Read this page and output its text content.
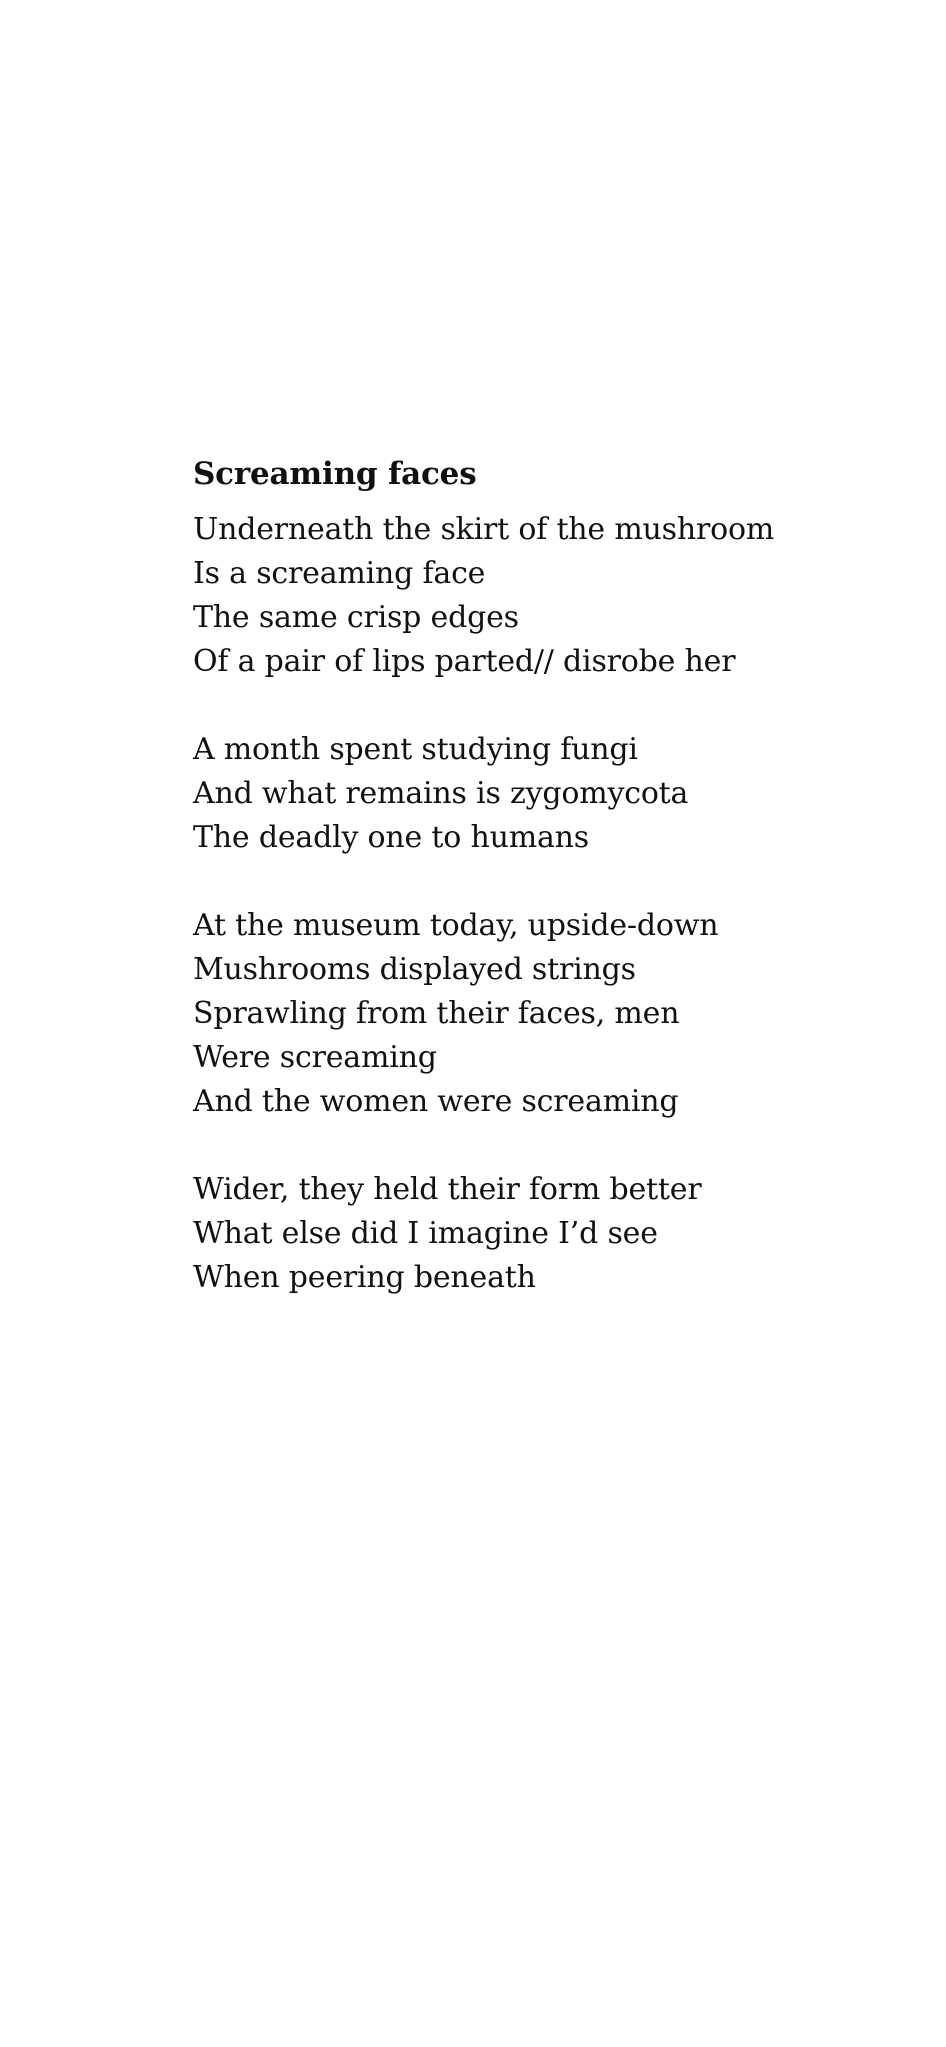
Screaming faces
Underneath the skirt of the mushroom
Is a screaming face
The same crisp edges
Of a pair of lips parted// disrobe her
A month spent studying fungi
And what remains is zygomycota
The deadly one to humans
At the museum today, upside-down
Mushrooms displayed strings
Sprawling from their faces, men
Were screaming
And the women were screaming
Wider, they held their form better
What else did I imagine I’d see
When peering beneath
